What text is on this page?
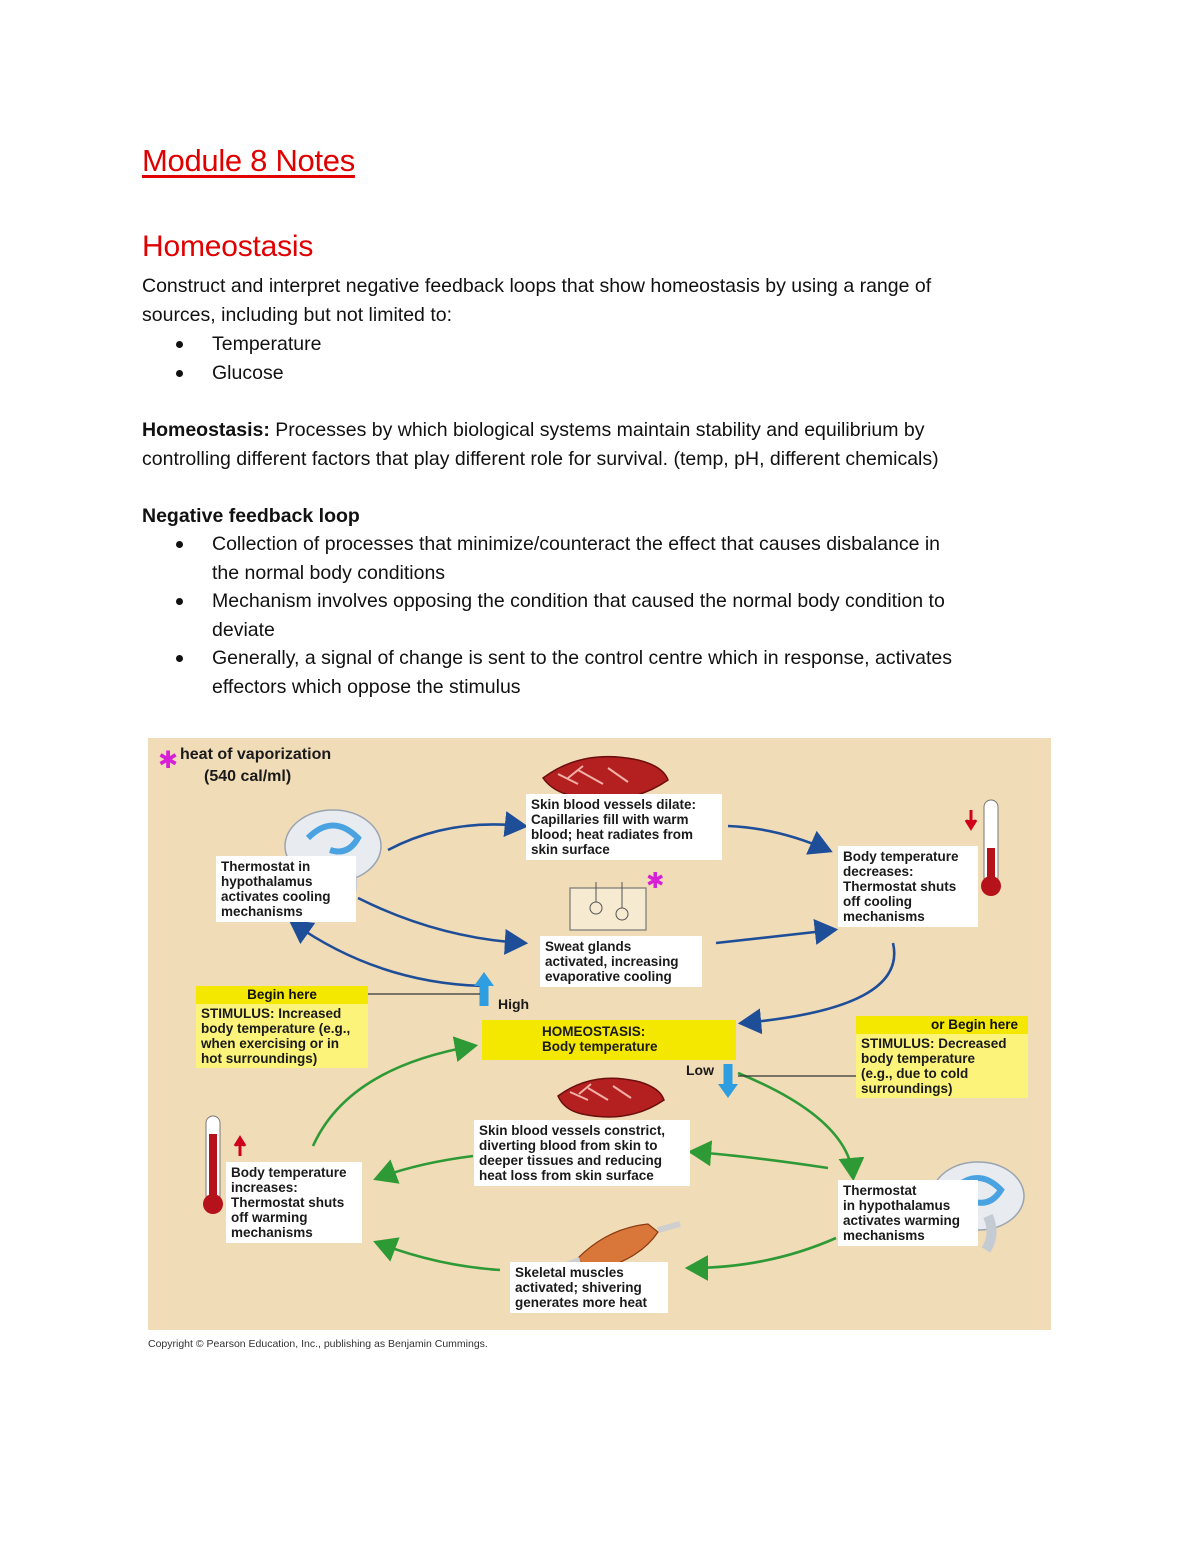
Module 8 Notes
Homeostasis

Construct and interpret negative feedback loops that show homeostasis by using a range of
sources, including but not limited to:

Temperature
Glucose

Homeostasis: Processes by which biological systems maintain stability and equilibrium by
controlling different factors that play different role for survival. (temp, pH, different chemicals)

Negative feedback loop

Collection of processes that minimize/counteract the effect that causes disbalance in
the normal body conditions
Mechanism involves opposing the condition that caused the normal body condition to
deviate
Generally, a signal of change is sent to the control centre which in response, activates
effectors which oppose the stimulus
✱
✱
heat of vaporization
(540 cal/ml)
Thermostat in
hypothalamus
activates cooling
mechanisms
Skin blood vessels dilate:
Capillaries fill with warm
blood; heat radiates from
skin surface	Body temperature
decreases:
Thermostat shuts
off cooling
mechanisms
Sweat glands
activated, increasing
evaporative cooling
Begin here
STIMULUS: Increased
body temperature (e.g.,
when exercising or in
hot surroundings)
High
HOMEOSTASIS:
Body temperature
Low
or Begin here
STIMULUS: Decreased
body temperature
(e.g., due to cold
surroundings)
Skin blood vessels constrict,
diverting blood from skin to
deeper tissues and reducing
heat loss from skin surface
Body temperature
increases:
Thermostat shuts
off warming
mechanisms
Thermostat
in hypothalamus
activates warming
mechanisms
Skeletal muscles
activated; shivering
generates more heat
Copyright © Pearson Education, Inc., publishing as Benjamin Cummings.
